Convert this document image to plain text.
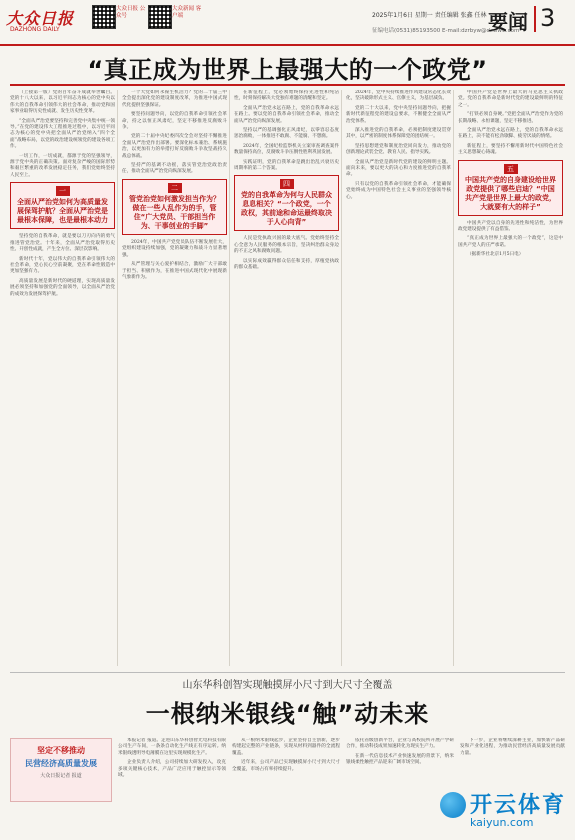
大众日报
DAZHONG DAILY
大众日报 公众号
大众新闻 客户端	2025年1月6日 星期一 责任编辑 张鑫 任林
征编电话(0531)85193500 E-mail:dzrbyw@dzwww.com
要闻 3
“真正成为世界上最强大的一个政党”

（上接第一版）党的百年奋斗成就举世瞩目。党的十八大以来，以习近平同志为核心的党中央以伟大的自我革命引领伟大的社会革命，推动党和国家事业取得历史性成就、发生历史性变革。

“全面从严治党要坚持和完善党中央集中统一领导。”在党的建设伟大工程推进过程中，以习近平同志为核心的党中央把全面从严治党纳入“四个全面”战略布局，以党的政治建设统领党的建设各项工作。

一切工作，一切成就，都源于党的坚强领导，源于党中央的正确决策。面对复杂严峻的国际形势和艰巨繁重的改革发展稳定任务，我们党始终坚持人民至上。

一
全面从严治党如何为高质量发展保驾护航？全面从严治党是最根本保障，也是最根本动力

坚持党的自我革命，就是要以刀刃向内的勇气推进管党治党。十年来，全面从严治党取得历史性、开创性成就，产生全方位、深层次影响。

新时代十年，党以伟大的自我革命引领伟大的社会革命，党心民心空前凝聚，党在革命性锻造中更加坚强有力。

高质量发展是新时代的硬道理，实现高质量发展必须坚持和加强党的全面领导，以全面从严治党的成效为发展保驾护航。

一个大党如何永葆生机活力？党的二十届三中全会提出深化党的建设制度改革，为推进中国式现代化提供坚强保证。

要坚持问题导向，以党的自我革命引领社会革命，持之以恒正风肃纪，坚定不移推进反腐败斗争。

党的二十届中央纪委四次全会对坚持不懈推进全面从严治党作出部署。要深化标本兼治、系统施治，以更加有力的举措打好反腐败斗争攻坚战持久战总体战。

坚持严的基调不动摇，落实管党治党政治责任，推动全面从严治党向纵深发展。

二
管党治党如何激发担当作为？做在一些人乱作为的手，管住“广大党员、干部担当作为、干事创业的手脚”

2024年，中国共产党党员队伍不断发展壮大，党组织建设持续加强，党的凝聚力和战斗力显著增强。

从严管理与关心爱护相结合，激励广大干部敢于担当、积极作为，在推进中国式现代化中展现新气象新作为。

在新征程上，党必须始终保持先进性和纯洁性，时刻保持解决大党独有难题的清醒和坚定。

全面从严治党永远在路上，党的自我革命永远在路上。要以党的自我革命引领社会革命，推动全面从严治党向纵深发展。

坚持以严的基调强化正风肃纪，以零容忍态度惩治腐败，一体推进不敢腐、不能腐、不想腐。

2024年，全国纪检监察机关立案审查调查案件数量保持高位，反腐败斗争压倒性胜利巩固发展。

实践证明，党的自我革命是跳出治乱兴衰历史周期率的第二个答案。

四
党的自我革命为何与人民群众息息相关？“一个政党，一个政权，其前途和命运最终取决于人心向背”

人民是党执政兴国的最大底气。党始终坚持全心全意为人民服务的根本宗旨，坚决纠治群众身边的不正之风和腐败问题。

以实际成效赢得群众信任和支持，厚植党执政的群众基础。

2024年，党中央持续推进作风建设常态化长效化，坚决破除形式主义、官僚主义，为基层减负。

党的二十大以来，党中央坚持问题导向，把握新时代新征程党的建设总要求，不断健全全面从严治党体系。

深入推进党的自我革命，必须把制度建设贯穿其中，以严密的制度体系保障党的团结统一。

坚持思想建党和制度治党同向发力，推动党的创新理论武装全党、教育人民、指导实践。

全面从严治党是新时代党的建设的鲜明主题。面向未来，要以更大的决心和力度推进党的自我革命。

只有以党的自我革命引领社会革命，才能确保党始终成为中国特色社会主义事业的坚强领导核心。

中国共产党是世界上最大的马克思主义执政党。党的自我革命是新时代党的建设最鲜明的特征之一。

“打铁必须自身硬。”党把全面从严治党作为党的长期战略、永恒课题，坚定不移推进。

全面从严治党永远在路上，党的自我革命永远在路上，决不能有松劲歇脚、疲劳厌战的情绪。

新征程上，要坚持不懈用新时代中国特色社会主义思想凝心铸魂。

五
中国共产党的自身建设给世界政党提供了哪些启迪？“中国共产党是世界上最大的政党，大就要有大的样子”

中国共产党以自身的先进性和纯洁性，为世界政党建设提供了有益借鉴。

“真正成为世界上最强大的一个政党”，这是中国共产党人的庄严承诺。

（据新华社北京1月5日电）

山东华科创智实现触摸屏小尺寸到大尺寸全覆盖
一根纳米银线“触”动未来
坚定不移推动
民营经济高质量发展
大众日报记者 报道

本报记者 报道。走进山东华科创智光电科技有限公司生产车间，一条条自动化生产线正有序运转。纳米银线透明导电薄膜在这里实现规模化生产。

企业负责人介绍，公司持续加大研发投入，攻克多项关键核心技术，产品广泛应用于触控显示等领域。

从一根纳米银线起步，企业坚持自主创新，逐步构建起完整的产业链条，实现从材料到器件的全流程覆盖。

近年来，公司产品已实现触摸屏小尺寸到大尺寸全覆盖，市场占有率持续提升。

依托省级创新平台，企业与高校院所开展产学研合作，推动科技成果加速转化为现实生产力。

在新一代信息技术产业快速发展的背景下，纳米银线柔性触控产品迎来广阔市场空间。

下一步，企业将继续深耕主业，加快新产品研发和产业化进程，为推动民营经济高质量发展贡献力量。

开云体育
kaiyun.com
